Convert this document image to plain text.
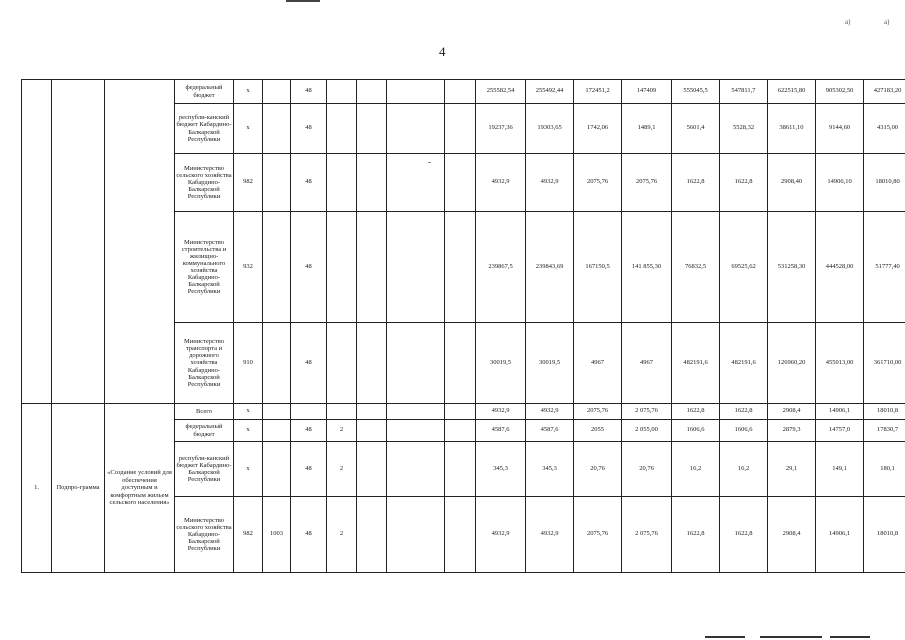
a)	a)
4
			федеральный бюджет	x		48					255582,54	255492,44	172451,2	147409	555045,5	547811,7	622515,80	905302,50	427183,20
			республи-канский бюджет Кабардино-Балкарской Республики	x		48					19237,36	19303,65	1742,06	1489,1	5601,4	5528,32	38611,10	9144,60	4315,00
			Министерство сельского хозяйства Кабардино-Балкарской Республики	982		48					4932,9	4932,9	2075,76	2075,76	1622,8	1622,8	2908,40	14906,10	18010,80
			Министерство строительства и жилищно-коммунального хозяйства Кабардино-Балкарской Республики	932		48					239867,5	239843,69	167150,5	141 855,30	76832,5	69525,62	531258,30	444528,00	51777,40
			Министерство транспорта и дорожного хозяйства Кабардино-Балкарской Республики	910		48					30019,5	30019,5	4967	4967	482191,6	482191,6	126960,20	455013,00	361710,00
1.	Подпро-грамма	«Создание условий для обеспечения доступным и комфортным жильем сельского населения»	Всего	x							4932,9	4932,9	2075,76	2 075,76	1622,8	1622,8	2908,4	14906,1	18010,8
			федеральный бюджет	x		48	2				4587,6	4587,6	2055	2 055,00	1606,6	1606,6	2879,3	14757,0	17830,7
			республи-канский бюджет Кабардино-Балкарской Республики	x		48	2				345,3	345,3	20,76	20,76	16,2	16,2	29,1	149,1	180,1
			Министерство сельского хозяйства Кабардино-Балкарской Республики	982	1003	48	2				4932,9	4932,9	2075,76	2 075,76	1622,8	1622,8	2908,4	14906,1	18010,8
